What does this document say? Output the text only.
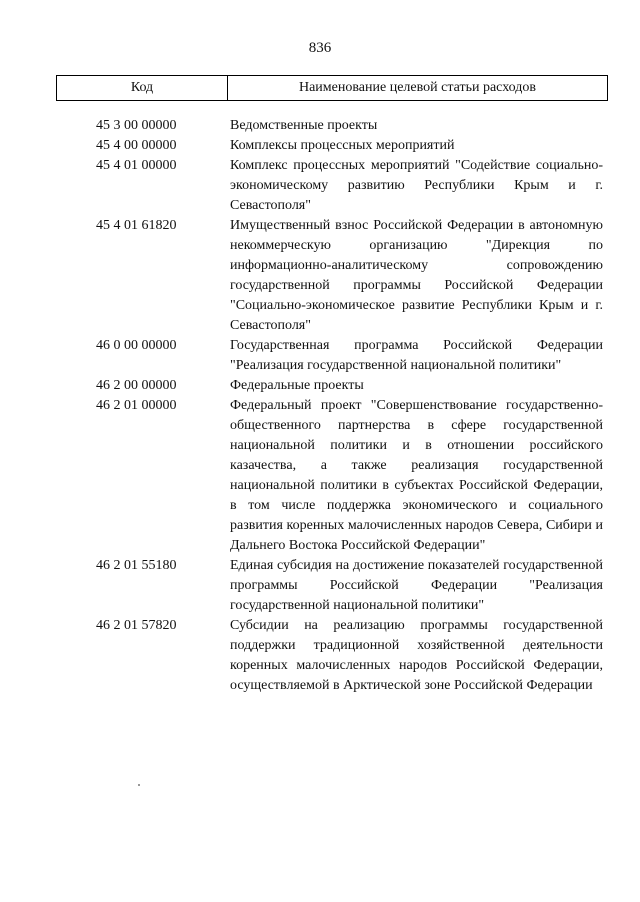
836
Код	Наименование целевой статьи расходов
45 3 00 00000	Ведомственные проекты
45 4 00 00000	Комплексы процессных мероприятий
45 4 01 00000	Комплекс процессных мероприятий "Содействие социально-экономическому развитию Республики Крым и г. Севастополя"
45 4 01 61820	Имущественный взнос Российской Федерации в автономную некоммерческую организацию "Дирекция по информационно-аналитическому сопровождению государственной программы Российской Федерации "Социально-экономическое развитие Республики Крым и г. Севастополя"
46 0 00 00000	Государственная программа Российской Федерации "Реализация государственной национальной политики"
46 2 00 00000	Федеральные проекты
46 2 01 00000	Федеральный проект "Совершенствование государственно-общественного партнерства в сфере государственной национальной политики и в отношении российского казачества, а также реализация государственной национальной политики в субъектах Российской Федерации, в том числе поддержка экономического и социального развития коренных малочисленных народов Севера, Сибири и Дальнего Востока Российской Федерации"
46 2 01 55180	Единая субсидия на достижение показателей государственной программы Российской Федерации "Реализация государственной национальной политики"
46 2 01 57820	Субсидии на реализацию программы государственной поддержки традиционной хозяйственной деятельности коренных малочисленных народов Российской Федерации, осуществляемой в Арктической зоне Российской Федерации
